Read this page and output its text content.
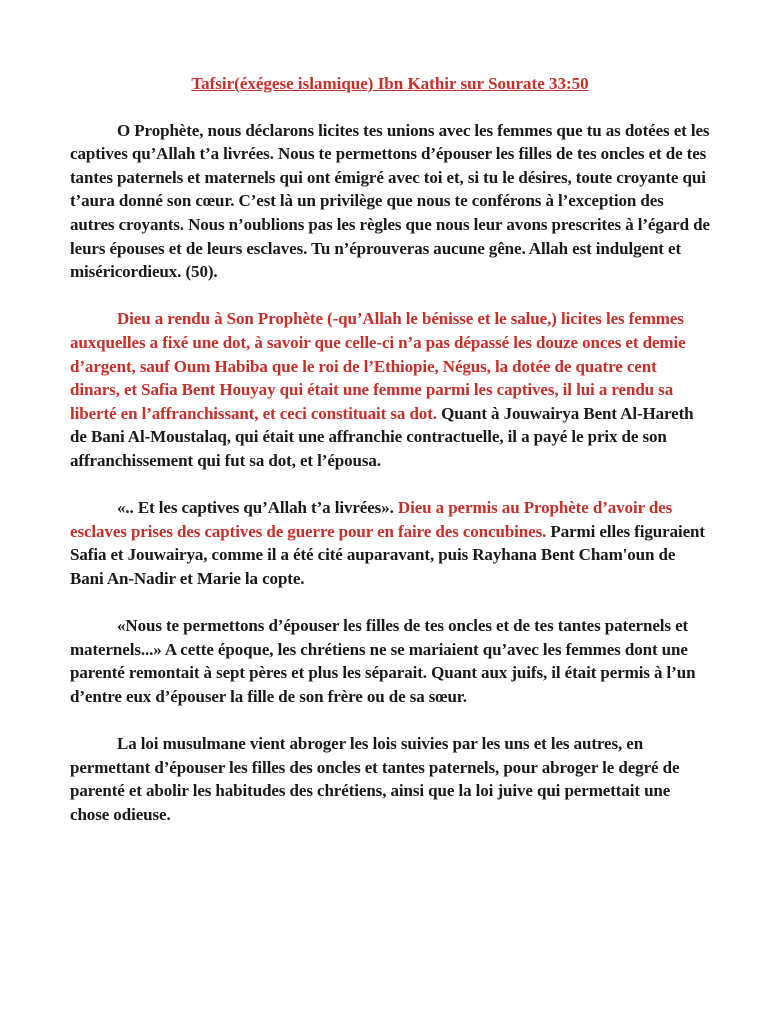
Tafsir(éxégese islamique) Ibn Kathir sur Sourate 33:50

O Prophète, nous déclarons licites tes unions avec les femmes que tu as dotées et les captives qu’Allah t’a livrées. Nous te permettons d’épouser les filles de tes oncles et de tes tantes paternels et maternels qui ont émigré avec toi et, si tu le désires, toute croyante qui t’aura donné son cœur. C’est là un privilège que nous te conférons à l’exception des autres croyants. Nous n’oublions pas les règles que nous leur avons prescrites à l’égard de leurs épouses et de leurs esclaves. Tu n’éprouveras aucune gêne. Allah est indulgent et miséricordieux. (50).

Dieu a rendu à Son Prophète (-qu’Allah le bénisse et le salue,) licites les femmes auxquelles a fixé une dot, à savoir que celle-ci n’a pas dépassé les douze onces et demie d’argent, sauf Oum Habiba que le roi de l’Ethiopie, Négus, la dotée de quatre cent dinars, et Safia Bent Houyay qui était une femme parmi les captives, il lui a rendu sa liberté en l’affranchissant, et ceci constituait sa dot. Quant à Jouwairya Bent Al-Hareth de Bani Al-Moustalaq, qui était une affranchie contractuelle, il a payé le prix de son affranchissement qui fut sa dot, et l’épousa.

«.. Et les captives qu’Allah t’a livrées». Dieu a permis au Prophète d’avoir des esclaves prises des captives de guerre pour en faire des concubines. Parmi elles figuraient Safia et Jouwairya, comme il a été cité auparavant, puis Rayhana Bent Cham'oun de Bani An-Nadir et Marie la copte.

«Nous te permettons d’épouser les filles de tes oncles et de tes tantes paternels et maternels...» A cette époque, les chrétiens ne se mariaient qu’avec les femmes dont une parenté remontait à sept pères et plus les séparait. Quant aux juifs, il était permis à l’un d’entre eux d’épouser la fille de son frère ou de sa sœur.

La loi musulmane vient abroger les lois suivies par les uns et les autres, en permettant d’épouser les filles des oncles et tantes paternels, pour abroger le degré de parenté et abolir les habitudes des chrétiens, ainsi que la loi juive qui permettait une chose odieuse.
